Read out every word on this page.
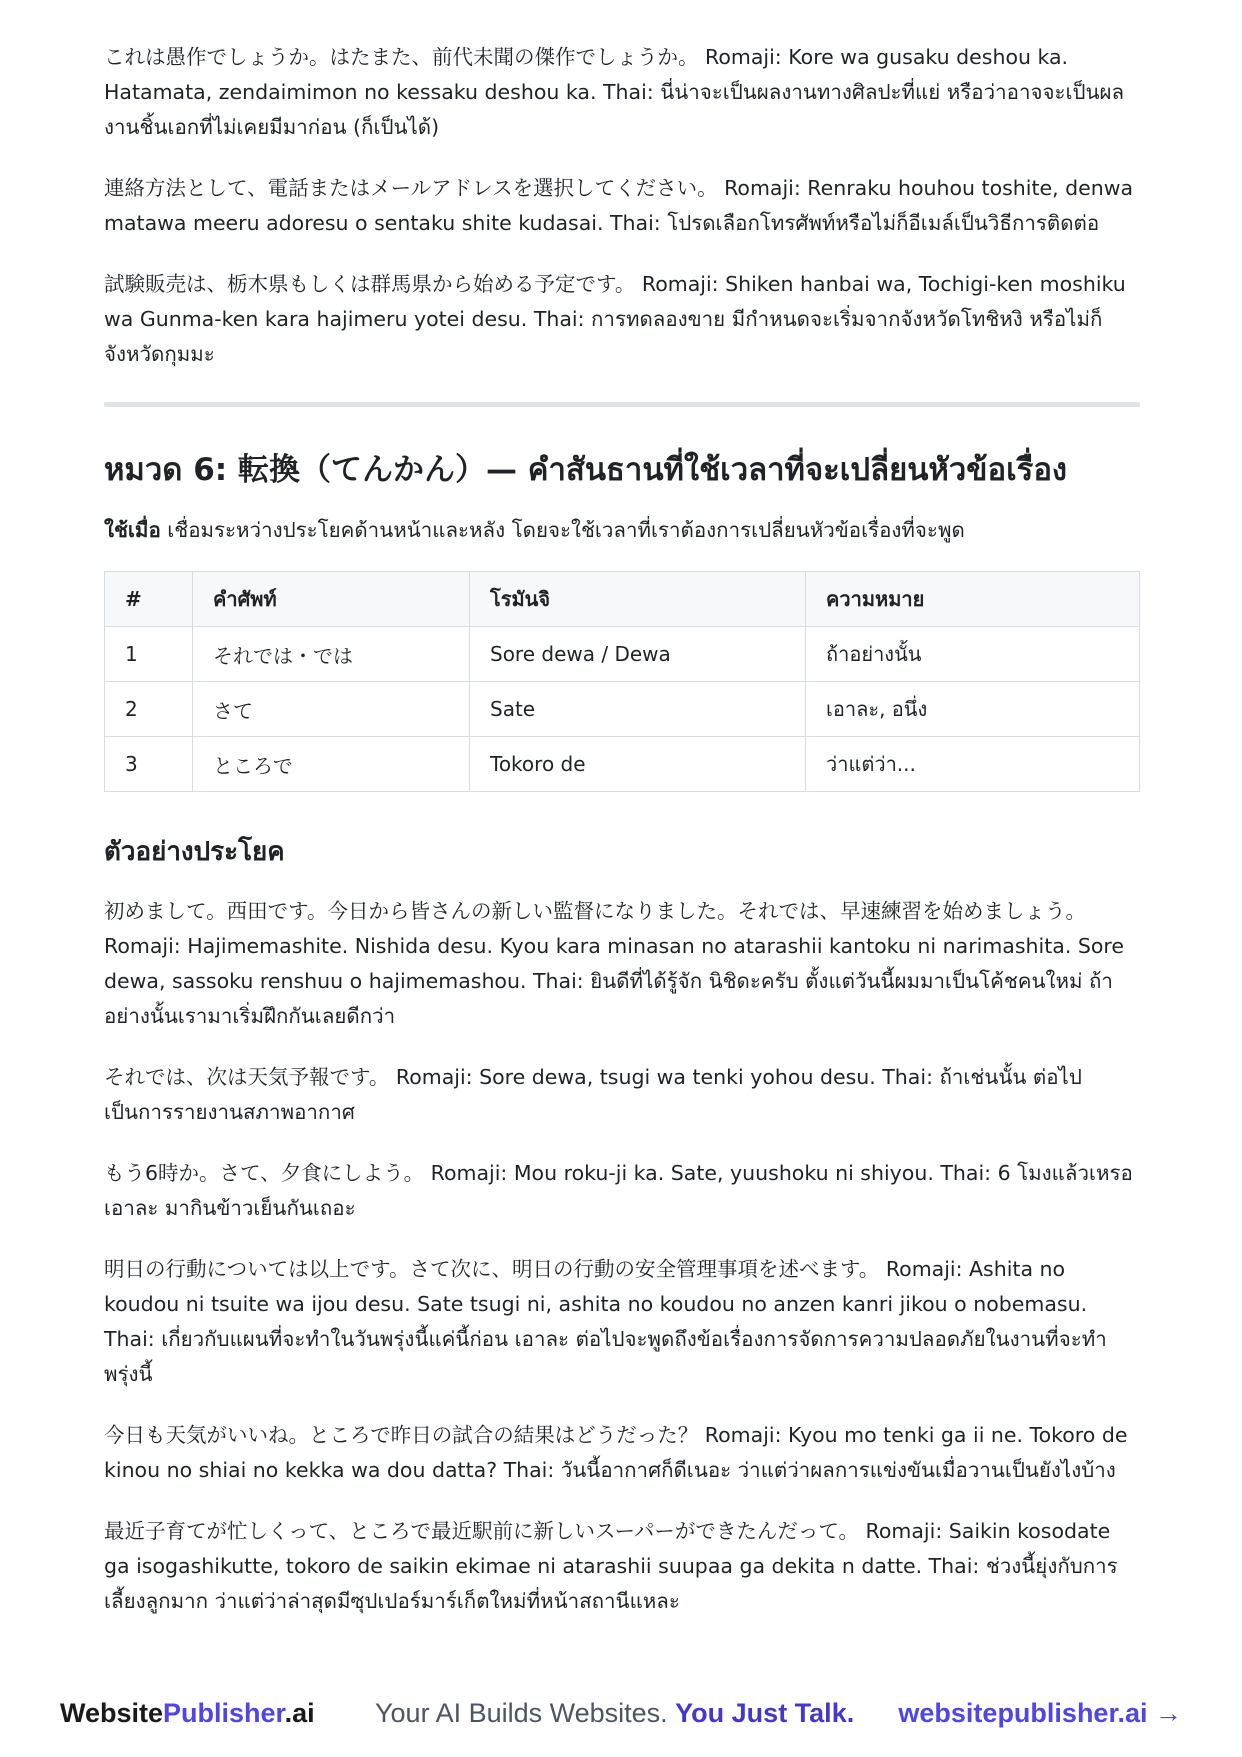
これは愚作でしょうか。はたまた、前代未聞の傑作でしょうか。 Romaji: Kore wa gusaku deshou ka. Hatamata, zendaimimon no kessaku deshou ka. Thai: นี่น่าจะเป็นผลงานทางศิลปะที่แย่ หรือว่าอาจจะเป็นผลงานชิ้นเอกที่ไม่เคยมีมาก่อน (ก็เป็นได้)

連絡方法として、電話またはメールアドレスを選択してください。 Romaji: Renraku houhou toshite, denwa matawa meeru adoresu o sentaku shite kudasai. Thai: โปรดเลือกโทรศัพท์หรือไม่ก็อีเมล์เป็นวิธีการติดต่อ

試験販売は、栃木県もしくは群馬県から始める予定です。 Romaji: Shiken hanbai wa, Tochigi-ken moshiku wa Gunma-ken kara hajimeru yotei desu. Thai: การทดลองขาย มีกำหนดจะเริ่มจากจังหวัดโทชิหงิ หรือไม่ก็จังหวัดกุมมะ

หมวด 6: 転換（てんかん）— คำสันธานที่ใช้เวลาที่จะเปลี่ยนหัวข้อเรื่อง

ใช้เมื่อ เชื่อมระหว่างประโยคด้านหน้าและหลัง โดยจะใช้เวลาที่เราต้องการเปลี่ยนหัวข้อเรื่องที่จะพูด

#	คำศัพท์	โรมันจิ	ความหมาย
1	それでは・では	Sore dewa / Dewa	ถ้าอย่างนั้น
2	さて	Sate	เอาละ, อนึ่ง
3	ところで	Tokoro de	ว่าแต่ว่า...
ตัวอย่างประโยค

初めまして。西田です。今日から皆さんの新しい監督になりました。それでは、早速練習を始めましょう。 Romaji: Hajimemashite. Nishida desu. Kyou kara minasan no atarashii kantoku ni narimashita. Sore dewa, sassoku renshuu o hajimemashou. Thai: ยินดีที่ได้รู้จัก นิชิดะครับ ตั้งแต่วันนี้ผมมาเป็นโค้ชคนใหม่ ถ้าอย่างนั้นเรามาเริ่มฝึกกันเลยดีกว่า

それでは、次は天気予報です。 Romaji: Sore dewa, tsugi wa tenki yohou desu. Thai: ถ้าเช่นนั้น ต่อไปเป็นการรายงานสภาพอากาศ

もう6時か。さて、夕食にしよう。 Romaji: Mou roku-ji ka. Sate, yuushoku ni shiyou. Thai: 6 โมงแล้วเหรอ เอาละ มากินข้าวเย็นกันเถอะ

明日の行動については以上です。さて次に、明日の行動の安全管理事項を述べます。 Romaji: Ashita no koudou ni tsuite wa ijou desu. Sate tsugi ni, ashita no koudou no anzen kanri jikou o nobemasu. Thai: เกี่ยวกับแผนที่จะทำในวันพรุ่งนี้แค่นี้ก่อน เอาละ ต่อไปจะพูดถึงข้อเรื่องการจัดการความปลอดภัยในงานที่จะทำพรุ่งนี้

今日も天気がいいね。ところで昨日の試合の結果はどうだった？ Romaji: Kyou mo tenki ga ii ne. Tokoro de kinou no shiai no kekka wa dou datta? Thai: วันนี้อากาศก็ดีเนอะ ว่าแต่ว่าผลการแข่งขันเมื่อวานเป็นยังไงบ้าง

最近子育てが忙しくって、ところで最近駅前に新しいスーパーができたんだって。 Romaji: Saikin kosodate ga isogashikutte, tokoro de saikin ekimae ni atarashii suupaa ga dekita n datte. Thai: ช่วงนี้ยุ่งกับการเลี้ยงลูกมาก ว่าแต่ว่าล่าสุดมีซุปเปอร์มาร์เก็ตใหม่ที่หน้าสถานีแหละ

WebsitePublisher.ai Your AI Builds Websites. You Just Talk. websitepublisher.ai →
